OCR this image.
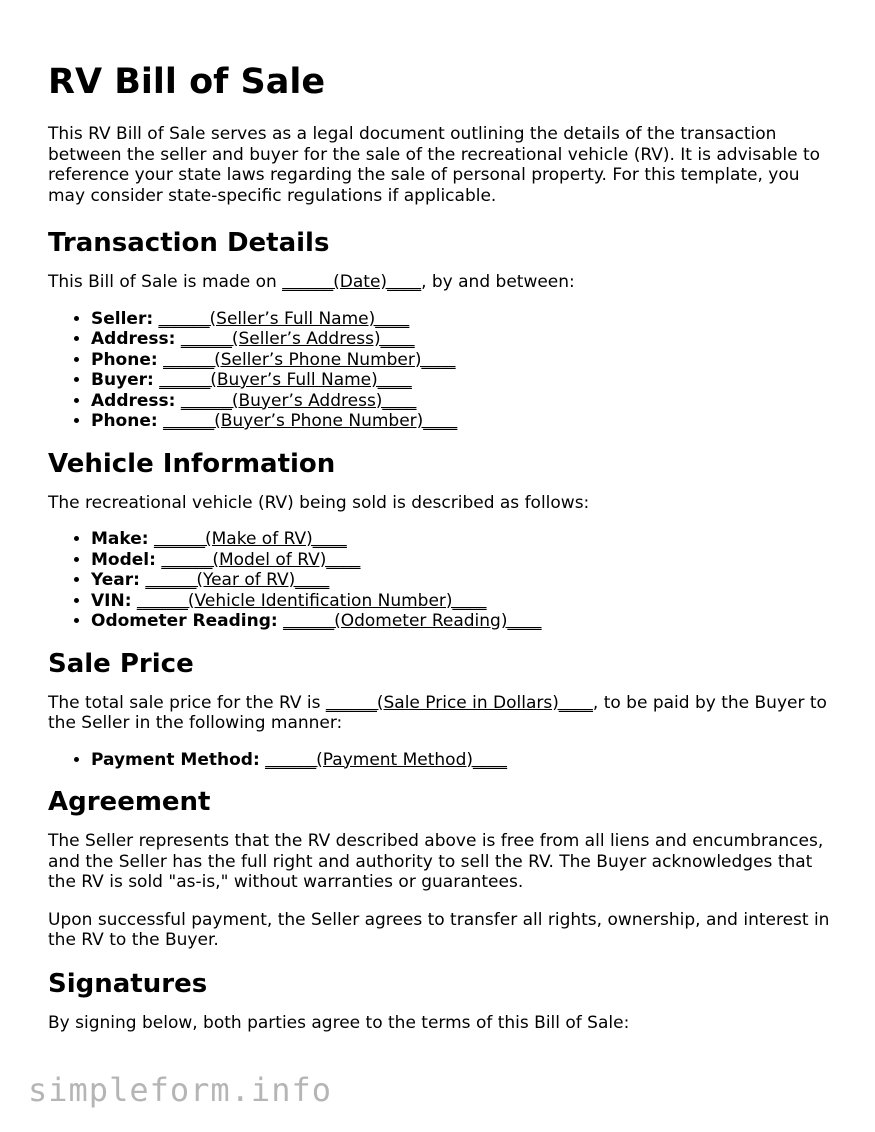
RV Bill of Sale

This RV Bill of Sale serves as a legal document outlining the details of the transaction between the seller and buyer for the sale of the recreational vehicle (RV). It is advisable to reference your state laws regarding the sale of personal property. For this template, you may consider state-specific regulations if applicable.

Transaction Details

This Bill of Sale is made on ______(Date)____, by and between:

• Seller: ______(Seller’s Full Name)____
• Address: ______(Seller’s Address)____
• Phone: ______(Seller’s Phone Number)____
• Buyer: ______(Buyer’s Full Name)____
• Address: ______(Buyer’s Address)____
• Phone: ______(Buyer’s Phone Number)____
Vehicle Information

The recreational vehicle (RV) being sold is described as follows:

• Make: ______(Make of RV)____
• Model: ______(Model of RV)____
• Year: ______(Year of RV)____
• VIN: ______(Vehicle Identification Number)____
• Odometer Reading: ______(Odometer Reading)____
Sale Price

The total sale price for the RV is ______(Sale Price in Dollars)____, to be paid by the Buyer to the Seller in the following manner:

• Payment Method: ______(Payment Method)____
Agreement

The Seller represents that the RV described above is free from all liens and encumbrances, and the Seller has the full right and authority to sell the RV. The Buyer acknowledges that the RV is sold "as-is," without warranties or guarantees.

Upon successful payment, the Seller agrees to transfer all rights, ownership, and interest in the RV to the Buyer.

Signatures

By signing below, both parties agree to the terms of this Bill of Sale:

simpleform.info
